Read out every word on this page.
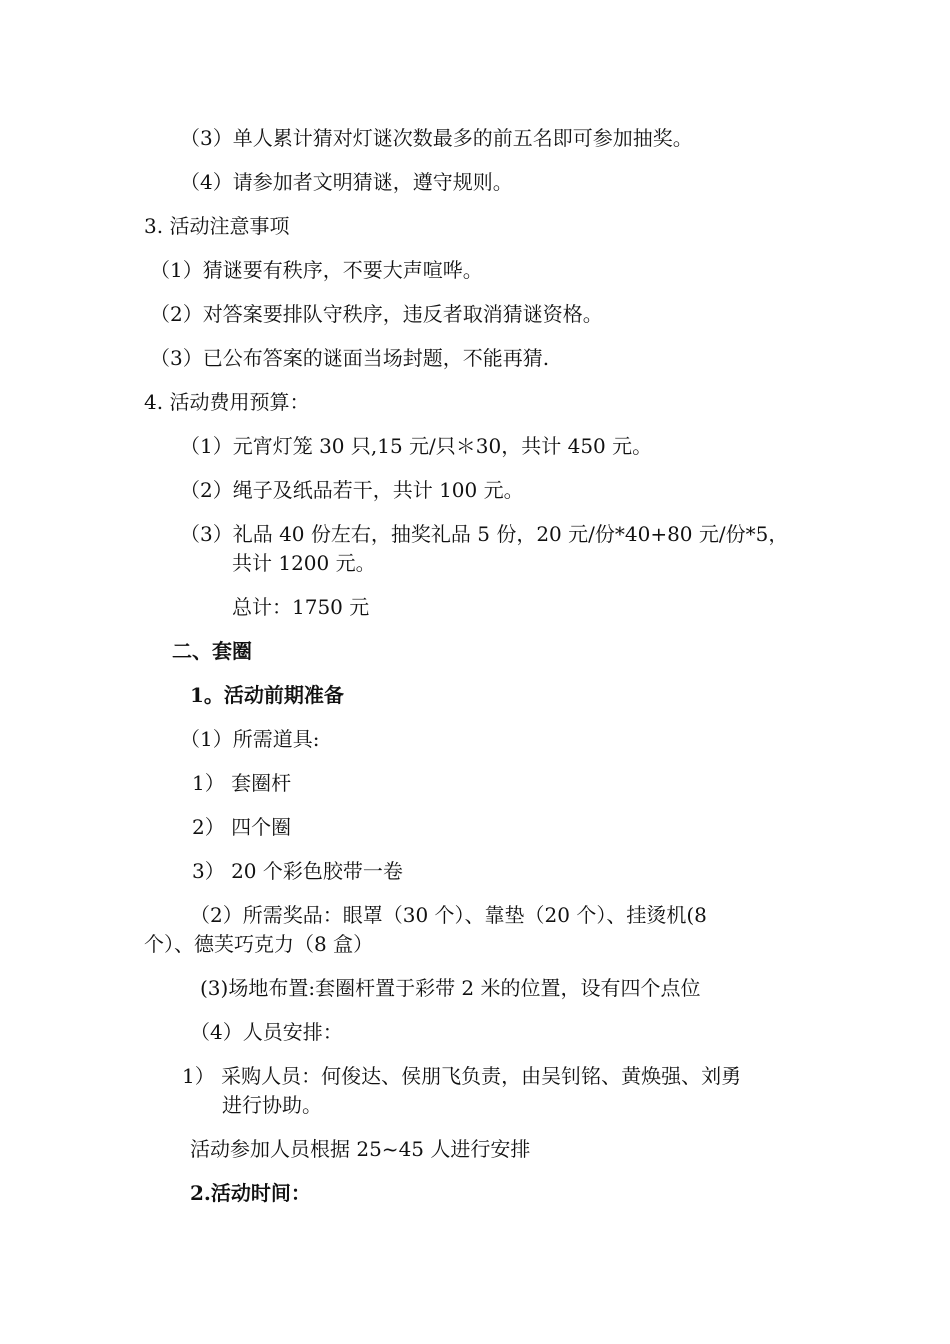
（3）单人累计猜对灯谜次数最多的前五名即可参加抽奖。
（4）请参加者文明猜谜，遵守规则。
3. 活动注意事项
（1）猜谜要有秩序，不要大声喧哗。
（2）对答案要排队守秩序，违反者取消猜谜资格。
（3）已公布答案的谜面当场封题，不能再猜.
4. 活动费用预算：
（1）元宵灯笼 30 只,15 元/只＊30，共计 450 元。
（2）绳子及纸品若干，共计 100 元。
（3）礼品 40 份左右，抽奖礼品 5 份，20 元/份*40+80 元/份*5，
共计 1200 元。
总计：1750 元
二、套圈
1。活动前期准备
（1）所需道具:
1） 套圈杆
2） 四个圈
3） 20 个彩色胶带一卷
（2）所需奖品：眼罩（30 个）、靠垫（20 个）、挂烫机(8
个）、德芙巧克力（8 盒）
(3)场地布置:套圈杆置于彩带 2 米的位置，设有四个点位
（4）人员安排：
1） 采购人员：何俊达、侯朋飞负责，由吴钊铭、黄焕强、刘勇
进行协助。
活动参加人员根据 25~45 人进行安排
2.活动时间：
